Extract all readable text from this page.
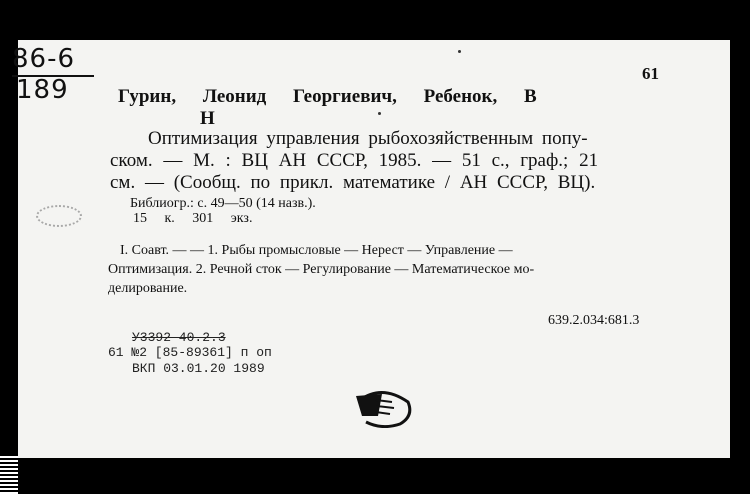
86-6
189
61
Гурин, Леонид Георгиевич, Ребенок, В
Н
Оптимизация управления рыбохозяйственным попу-
ском. — М. : ВЦ АН СССР, 1985. — 51 с., граф.; 21
см. — (Сообщ. по прикл. математике / АН СССР, ВЦ).
Библиогр.: с. 49—50 (14 назв.).
15 к. 301 экз.
I. Соавт. — — 1. Рыбы промысловые — Нерест — Управление —
Оптимизация. 2. Речной сток — Регулирование — Математическое мо-
делирование.
639.2.034:681.3
У3392 40.2.3
61 №2 [85-89361] п оп
ВКП 03.01.20 1989
